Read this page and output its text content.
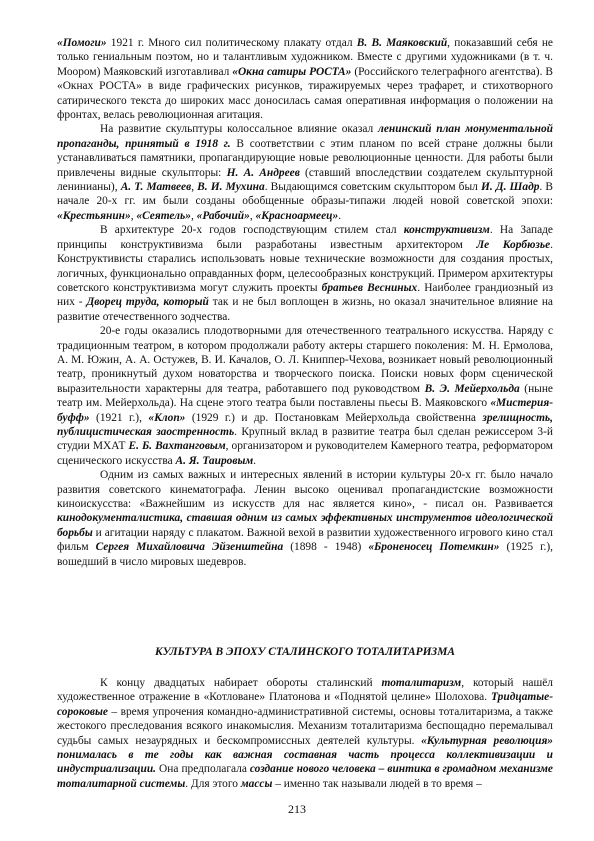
«Помоги» 1921 г. Много сил политическому плакату отдал В. В. Маяковский, показавший себя не только гениальным поэтом, но и талантливым художником. Вместе с другими художниками (в т. ч. Моором) Маяковский изготавливал «Окна сатиры РОСТА» (Российского телеграфного агентства). В «Окнах РОСТА» в виде графических рисунков, тиражируемых через трафарет, и стихотворного сатирического текста до широких масс доносилась самая оперативная информация о положении на фронтах, велась революционная агитация.

На развитие скульптуры колоссальное влияние оказал ленинский план монументальной пропаганды, принятый в 1918 г. В соответствии с этим планом по всей стране должны были устанавливаться памятники, пропагандирующие новые революционные ценности. Для работы были привлечены видные скульпторы: Н. А. Андреев (ставший впоследствии создателем скульптурной ленинианы), А. Т. Матвеев, В. И. Мухина. Выдающимся советским скульптором был И. Д. Шадр. В начале 20-х гг. им были созданы обобщенные образы-типажи людей новой советской эпохи: «Крестьянин», «Сеятель», «Рабочий», «Красноармеец».

В архитектуре 20-х годов господствующим стилем стал конструктивизм. На Западе принципы конструктивизма были разработаны известным архитектором Ле Корбюзье. Конструктивисты старались использовать новые технические возможности для создания простых, логичных, функционально оправданных форм, целесообразных конструкций. Примером архитектуры советского конструктивизма могут служить проекты братьев Весниных. Наиболее грандиозный из них - Дворец труда, который так и не был воплощен в жизнь, но оказал значительное влияние на развитие отечественного зодчества.

20-е годы оказались плодотворными для отечественного театрального искусства. Наряду с традиционным театром, в котором продолжали работу актеры старшего поколения: М. Н. Ермолова, А. М. Южин, А. А. Остужев, В. И. Качалов, О. Л. Книппер-Чехова, возникает новый революционный театр, проникнутый духом новаторства и творческого поиска. Поиски новых форм сценической выразительности характерны для театра, работавшего под руководством В. Э. Мейерхольда (ныне театр им. Мейерхольда). На сцене этого театра были поставлены пьесы В. Маяковского «Мистерия-буфф» (1921 г.), «Клоп» (1929 г.) и др. Постановкам Мейерхольда свойственна зрелищность, публицистическая заостренность. Крупный вклад в развитие театра был сделан режиссером 3-й студии МХАТ Е. Б. Вахтанговым, организатором и руководителем Камерного театра, реформатором сценического искусства А. Я. Таировым.

Одним из самых важных и интересных явлений в истории культуры 20-х гг. было начало развития советского кинематографа. Ленин высоко оценивал пропагандистские возможности киноискусства: «Важнейшим из искусств для нас является кино», - писал он. Развивается кинодокументалистика, ставшая одним из самых эффективных инструментов идеологической борьбы и агитации наряду с плакатом. Важной вехой в развитии художественного игрового кино стал фильм Сергея Михайловича Эйзенштейна (1898 - 1948) «Броненосец Потемкин» (1925 г.), вошедший в число мировых шедевров.

КУЛЬТУРА В ЭПОХУ СТАЛИНСКОГО ТОТАЛИТАРИЗМА

К концу двадцатых набирает обороты сталинский тоталитаризм, который нашёл художественное отражение в «Котловане» Платонова и «Поднятой целине» Шолохова. Тридцатые-сороковые – время упрочения командно-административной системы, основы тоталитаризма, а также жестокого преследования всякого инакомыслия. Механизм тоталитаризма беспощадно перемалывал судьбы самых незаурядных и бескомпромиссных деятелей культуры. «Культурная революция» понималась в те годы как важная составная часть процесса коллективизации и индустриализации. Она предполагала создание нового человека – винтика в громадном механизме тоталитарной системы. Для этого массы – именно так называли людей в то время –

213
